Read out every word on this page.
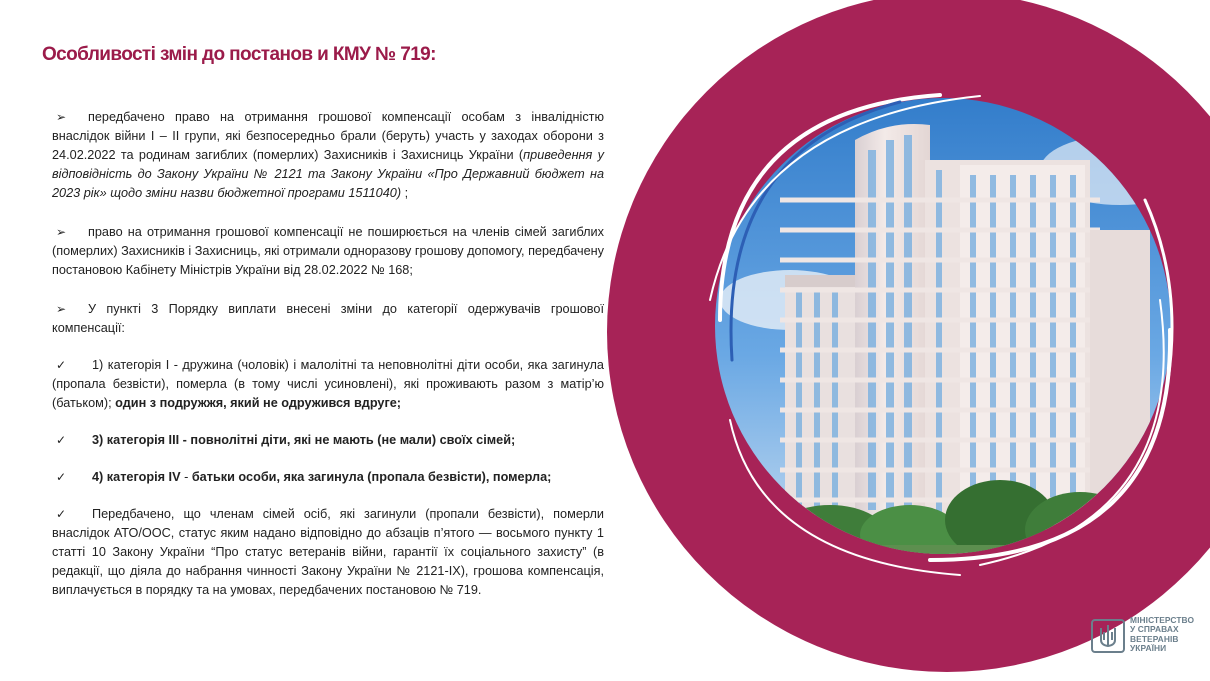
Особливості змін до постанов и КМУ № 719:
➢ передбачено право на отримання грошової компенсації особам з інвалідністю внаслідок війни І – ІІ групи, які безпосередньо брали (беруть) участь у заходах оборони з 24.02.2022 та родинам загиблих (померлих) Захисників і Захисниць України (приведення у відповідність до Закону України № 2121 та Закону України «Про Державний бюджет на 2023 рік» щодо зміни назви бюджетної програми 1511040) ;
➢ право на отримання грошової компенсації не поширюється на членів сімей загиблих (померлих) Захисників і Захисниць, які отримали одноразову грошову допомогу, передбачену постановою Кабінету Міністрів України від 28.02.2022 № 168;
➢ У пункті 3 Порядку виплати внесені зміни до категорії одержувачів грошової компенсації:
✓ 1) категорія І - дружина (чоловік) і малолітні та неповнолітні діти особи, яка загинула (пропала безвісти), померла (в тому числі усиновлені), які проживають разом з матір’ю (батьком); один з подружжя, який не одружився вдруге;
✓ 3) категорія ІІІ - повнолітні діти, які не мають (не мали) своїх сімей;
✓ 4) категорія IV - батьки особи, яка загинула (пропала безвісти), померла;
✓ Передбачено, що членам сімей осіб, які загинули (пропали безвісти), померли внаслідок АТО/ООС, статус яким надано відповідно до абзаців п’ятого — восьмого пункту 1 статті 10 Закону України “Про статус ветеранів війни, гарантії їх соціального захисту” (в редакції, що діяла до набрання чинності Закону України № 2121-ІХ), грошова компенсація, виплачується в порядку та на умовах, передбачених постановою № 719.
МІНІСТЕРСТВО
У СПРАВАХ
ВЕТЕРАНІВ
УКРАЇНИ
